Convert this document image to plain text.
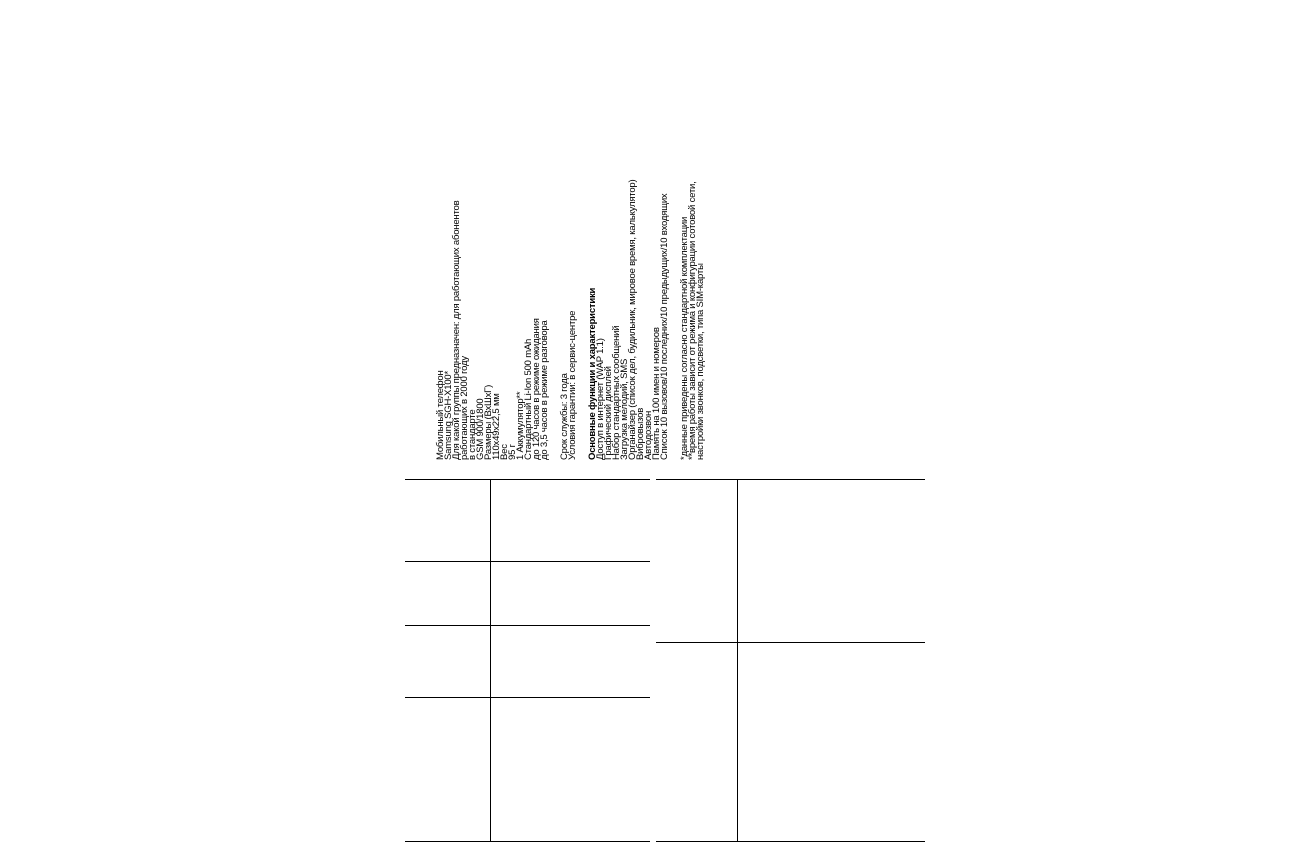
Мобильный телефон
Samsung SGH-X100*
Для какой группы предназначен: для работающих абонентов
работающих в 2000 году
в стандарте
GSM 900/1800
Размеры (ВхШхГ)
110x49x22,5 мм
Вес
95 г
1 Аккумулятор**
Стандартный Li-Ion 500 mAh
до 120 часов в режиме ожидания
до 3,5 часов в режиме разговора Срок службы: 3 года
Условия гарантии: в сервис-центре Основные функции и характеристики
Доступ в интернет (WAP 1.1)
Графический дисплей
Набор стандартных сообщений
Загрузка мелодий, SMS
Органайзер (список дел, будильник, мировое время, калькулятор)
Вибровызов
Автодозвон
Память на 100 имен и номеров
Список 10 вызовов/10 последних/10 предыдущих/10 входящих *данные приведены согласно стандартной комплектации
**время работы зависит от режима и конфигурации сотовой сети,
настройки звонков, подсветки, типа SIM-карты
